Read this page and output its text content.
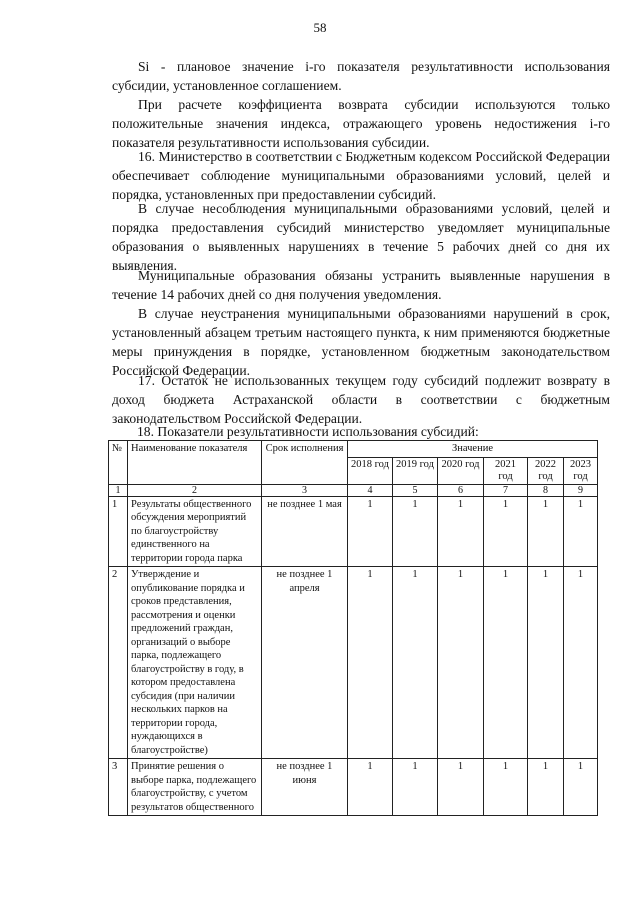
58

Si - плановое значение i-го показателя результативности использования субсидии, установленное соглашением.

При расчете коэффициента возврата субсидии используются только положительные значения индекса, отражающего уровень недостижения i-го показателя результативности использования субсидии.

16. Министерство в соответствии с Бюджетным кодексом Российской Федерации обеспечивает соблюдение муниципальными образованиями условий, целей и порядка, установленных при предоставлении субсидий.

В случае несоблюдения муниципальными образованиями условий, целей и порядка предоставления субсидий министерство уведомляет муниципальные образования о выявленных нарушениях в течение 5 рабочих дней со дня их выявления.

Муниципальные образования обязаны устранить выявленные нарушения в течение 14 рабочих дней со дня получения уведомления.

В случае неустранения муниципальными образованиями нарушений в срок, установленный абзацем третьим настоящего пункта, к ним применяются бюджетные меры принуждения в порядке, установленном бюджетным законодательством Российской Федерации.

17. Остаток не использованных текущем году субсидий подлежит возврату в доход бюджета Астраханской области в соответствии с бюджетным законодательством Российской Федерации.

18. Показатели результативности использования субсидий:
№	Наименование показателя	Срок исполнения	Значение					
			2018 год	2019 год	2020 год	2021 год	2022 год	2023 год
1	2	3	4	5	6	7	8	9
1	Результаты общественного обсуждения мероприятий по благоустройству единственного на территории города парка	не позднее 1 мая	1	1	1	1	1	1
2	Утверждение и опубликование порядка и сроков представления, рассмотрения и оценки предложений граждан, организаций о выборе парка, подлежащего благоустройству в году, в котором предоставлена субсидия (при наличии нескольких парков на территории города, нуждающихся в благоустройстве)	не позднее 1 апреля	1	1	1	1	1	1
3	Принятие решения о выборе парка, подлежащего благоустройству, с учетом результатов общественного	не позднее 1 июня	1	1	1	1	1	1
